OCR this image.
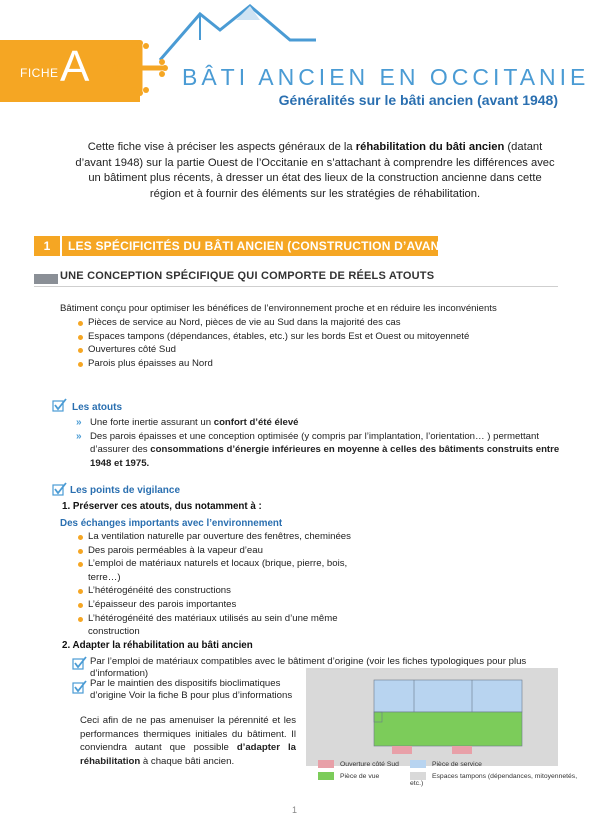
FICHE A	BÂTI ANCIEN EN OCCITANIE
Généralités sur le bâti ancien (avant 1948)

Cette fiche vise à préciser les aspects généraux de la réhabilitation du bâti ancien (datant d’avant 1948) sur la partie Ouest de l’Occitanie en s’attachant à comprendre les différences avec un bâtiment plus récents, à dresser un état des lieux de la construction ancienne dans cette région et à fournir des éléments sur les stratégies de réhabilitation.

1	LES SPÉCIFICITÉS DU BÂTI ANCIEN (CONSTRUCTION D’AVANT 1948)
UNE CONCEPTION SPÉCIFIQUE QUI COMPORTE DE RÉELS ATOUTS

Bâtiment conçu pour optimiser les bénéfices de l’environnement proche et en réduire les inconvénients

Pièces de service au Nord, pièces de vie au Sud dans la majorité des cas
Espaces tampons (dépendances, étables, etc.) sur les bords Est et Ouest ou mitoyenneté
Ouvertures côté Sud
Parois plus épaisses au Nord
Les atouts
» Une forte inertie assurant un confort d’été élevé
» Des parois épaisses et une conception optimisée (y compris par l’implantation, l’orientation… ) permettant d’assurer des consommations d’énergie inférieures en moyenne à celles des bâtiments construits entre 1948 et 1975.
Les points de vigilance
1. Préserver ces atouts, dus notamment à :
Des échanges importants avec l’environnement
La ventilation naturelle par ouverture des fenêtres, cheminées
Des parois perméables à la vapeur d’eau
L’emploi de matériaux naturels et locaux (brique, pierre, bois, terre…)
L’hétérogénéité des constructions
L’épaisseur des parois importantes
L’hétérogénéité des matériaux utilisés au sein d’une même construction
2. Adapter la réhabilitation au bâti ancien

Par l’emploi de matériaux compatibles avec le bâtiment d’origine (voir les fiches typologiques pour plus d’information)

Par le maintien des dispositifs bioclimatiques d’origine Voir la fiche B pour plus d’informations

Ceci afin de ne pas amenuiser la pérennité et les performances thermiques initiales du bâtiment. Il conviendra autant que possible d’adapter la réhabilitation à chaque bâti ancien.	Ouverture côté Sud	Pièce de service
Pièce de vue	Espaces tampons (dépendances, mitoyennetés, etc.)
1
